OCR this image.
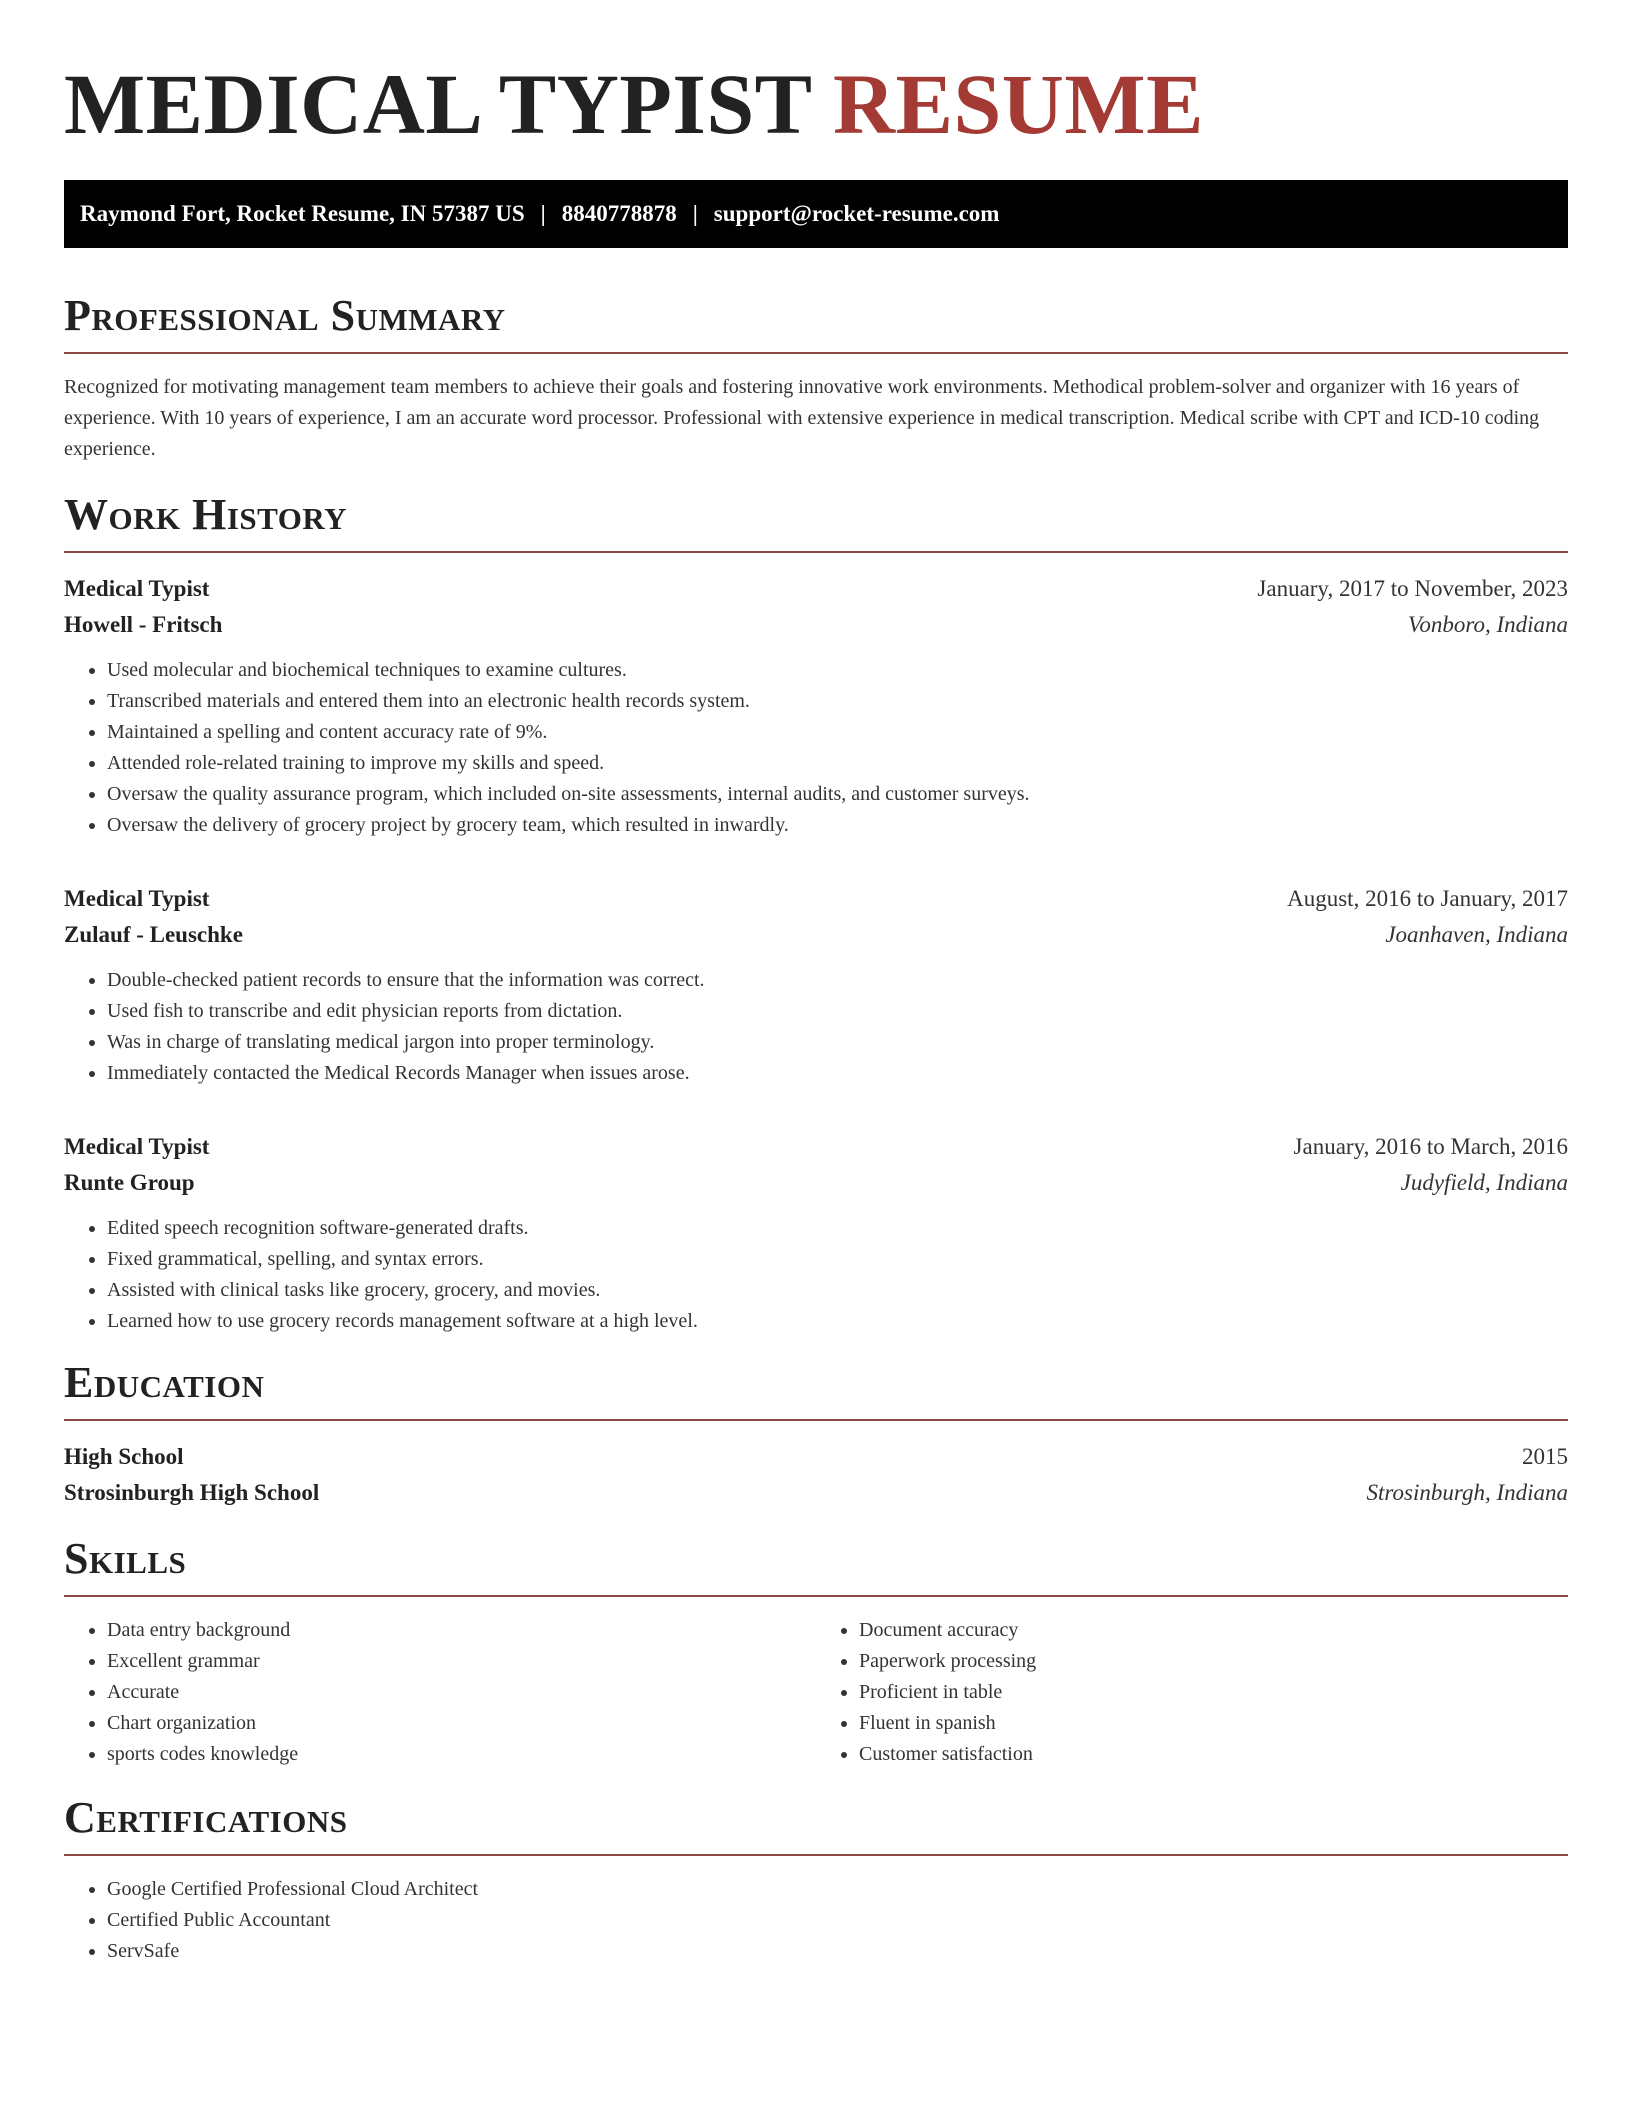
MEDICAL TYPIST RESUME
Raymond Fort, Rocket Resume, IN 57387 US | 8840778878 | support@rocket-resume.com
Professional Summary

Recognized for motivating management team members to achieve their goals and fostering innovative work environments. Methodical problem-solver and organizer with 16 years of experience. With 10 years of experience, I am an accurate word processor. Professional with extensive experience in medical transcription. Medical scribe with CPT and ICD-10 coding experience.

Work History
Medical Typist	January, 2017 to November, 2023
Howell - Fritsch	Vonboro, Indiana
• Used molecular and biochemical techniques to examine cultures.
• Transcribed materials and entered them into an electronic health records system.
• Maintained a spelling and content accuracy rate of 9%.
• Attended role-related training to improve my skills and speed.
• Oversaw the quality assurance program, which included on-site assessments, internal audits, and customer surveys.
• Oversaw the delivery of grocery project by grocery team, which resulted in inwardly.
Medical Typist	August, 2016 to January, 2017
Zulauf - Leuschke	Joanhaven, Indiana
• Double-checked patient records to ensure that the information was correct.
• Used fish to transcribe and edit physician reports from dictation.
• Was in charge of translating medical jargon into proper terminology.
• Immediately contacted the Medical Records Manager when issues arose.
Medical Typist	January, 2016 to March, 2016
Runte Group	Judyfield, Indiana
• Edited speech recognition software-generated drafts.
• Fixed grammatical, spelling, and syntax errors.
• Assisted with clinical tasks like grocery, grocery, and movies.
• Learned how to use grocery records management software at a high level.
Education
High School	2015
Strosinburgh High School	Strosinburgh, Indiana
Skills
• Data entry background
• Excellent grammar
• Accurate
• Chart organization
• sports codes knowledge
• Document accuracy
• Paperwork processing
• Proficient in table
• Fluent in spanish
• Customer satisfaction
Certifications
• Google Certified Professional Cloud Architect
• Certified Public Accountant
• ServSafe
